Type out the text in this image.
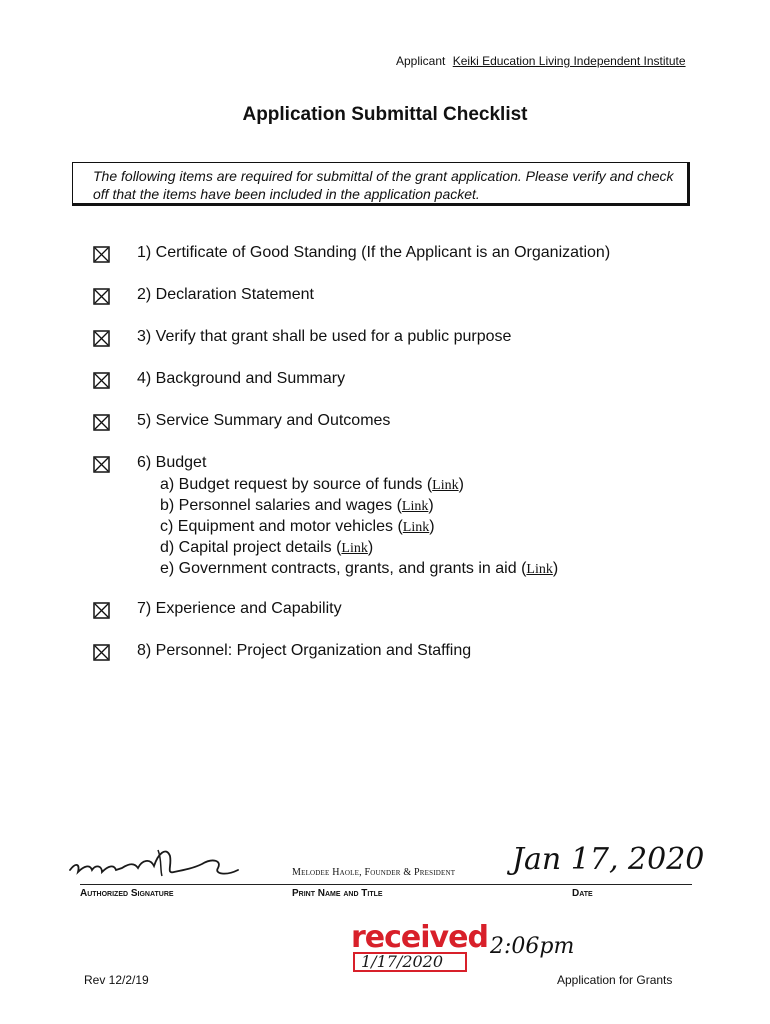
Applicant Keiki Education Living Independent Institute
Application Submittal Checklist

The following items are required for submittal of the grant application. Please verify and check off that the items have been included in the application packet.

1) Certificate of Good Standing (If the Applicant is an Organization)
2) Declaration Statement
3) Verify that grant shall be used for a public purpose
4) Background and Summary
5) Service Summary and Outcomes
6) Budget
7) Experience and Capability
8) Personnel: Project Organization and Staffing
a) Budget request by source of funds (Link)
b) Personnel salaries and wages (Link)
c) Equipment and motor vehicles (Link)
d) Capital project details (Link)
e) Government contracts, grants, and grants in aid (Link)
Melodee Haole, Founder & President Jan 17, 2020
Authorized Signature	Print Name and Title	Date
received
1/17/2020
2:06pm
Rev 12/2/19	Application for Grants
